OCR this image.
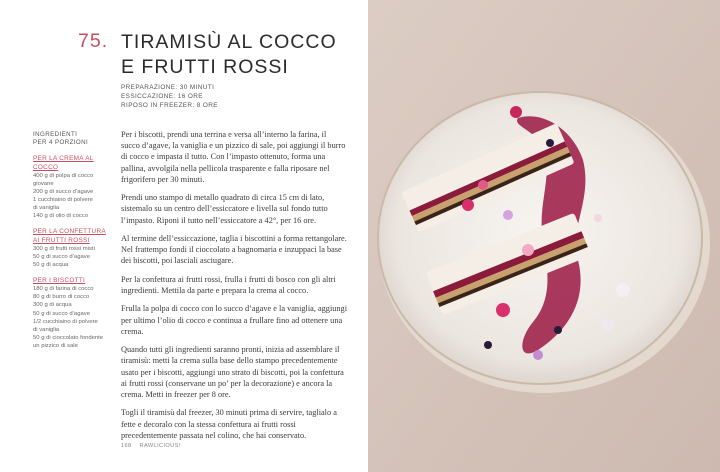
75. TIRAMISÙ AL COCCO
E FRUTTI ROSSI
PREPARAZIONE: 30 MINUTI
ESSICCAZIONE: 16 ORE
RIPOSO IN FREEZER: 8 ORE
INGREDIENTI
PER 4 PORZIONI
PER LA CREMA AL COCCO
400 g di polpa di cocco giovane
200 g di succo d’agave
1 cucchiaino di polvere
di vaniglia
140 g di olio di cocco
PER LA CONFETTURA
AI FRUTTI ROSSI
300 g di frutti rossi misti
50 g di succo d’agave
50 g di acqua
PER I BISCOTTI
180 g di farina di cocco
80 g di burro di cocco
300 g di acqua
50 g di succo d’agave
1/2 cucchiaino di polvere
di vaniglia
50 g di cioccolato fondente
un pizzico di sale

Per i biscotti, prendi una terrina e versa all’interno la farina, il succo d’agave, la vaniglia e un pizzico di sale, poi aggiungi il burro di cocco e impasta il tutto. Con l’impasto ottenuto, forma una pallina, avvolgila nella pellicola trasparente e falla riposare nel frigorifero per 30 minuti.

Prendi uno stampo di metallo quadrato di circa 15 cm di lato, sistemalo su un centro dell’essiccatore e livella sul fondo tutto l’impasto. Riponi il tutto nell’essiccatore a 42°, per 16 ore.

Al termine dell’essiccazione, taglia i biscottini a forma rettangolare. Nel frattempo fondi il cioccolato a bagnomaria e inzuppaci la base dei biscotti, poi lasciali asciugare.

Per la confettura ai frutti rossi, frulla i frutti di bosco con gli altri ingredienti. Mettila da parte e prepara la crema al cocco.

Frulla la polpa di cocco con lo succo d’agave e la vaniglia, aggiungi per ultimo l’olio di cocco e continua a frullare fino ad ottenere una crema.

Quando tutti gli ingredienti saranno pronti, inizia ad assemblare il tiramisù: metti la crema sulla base dello stampo precedentemente usato per i biscotti, aggiungi uno strato di biscotti, poi la confettura ai frutti rossi (conservane un po’ per la decorazione) e ancora la crema. Metti in freezer per 8 ore.

Togli il tiramisù dal freezer, 30 minuti prima di servire, taglialo a fette e decoralo con la stessa confettura ai frutti rossi precedentemente passata nel colino, che hai conservato.

168 RAWLICIOUS!
